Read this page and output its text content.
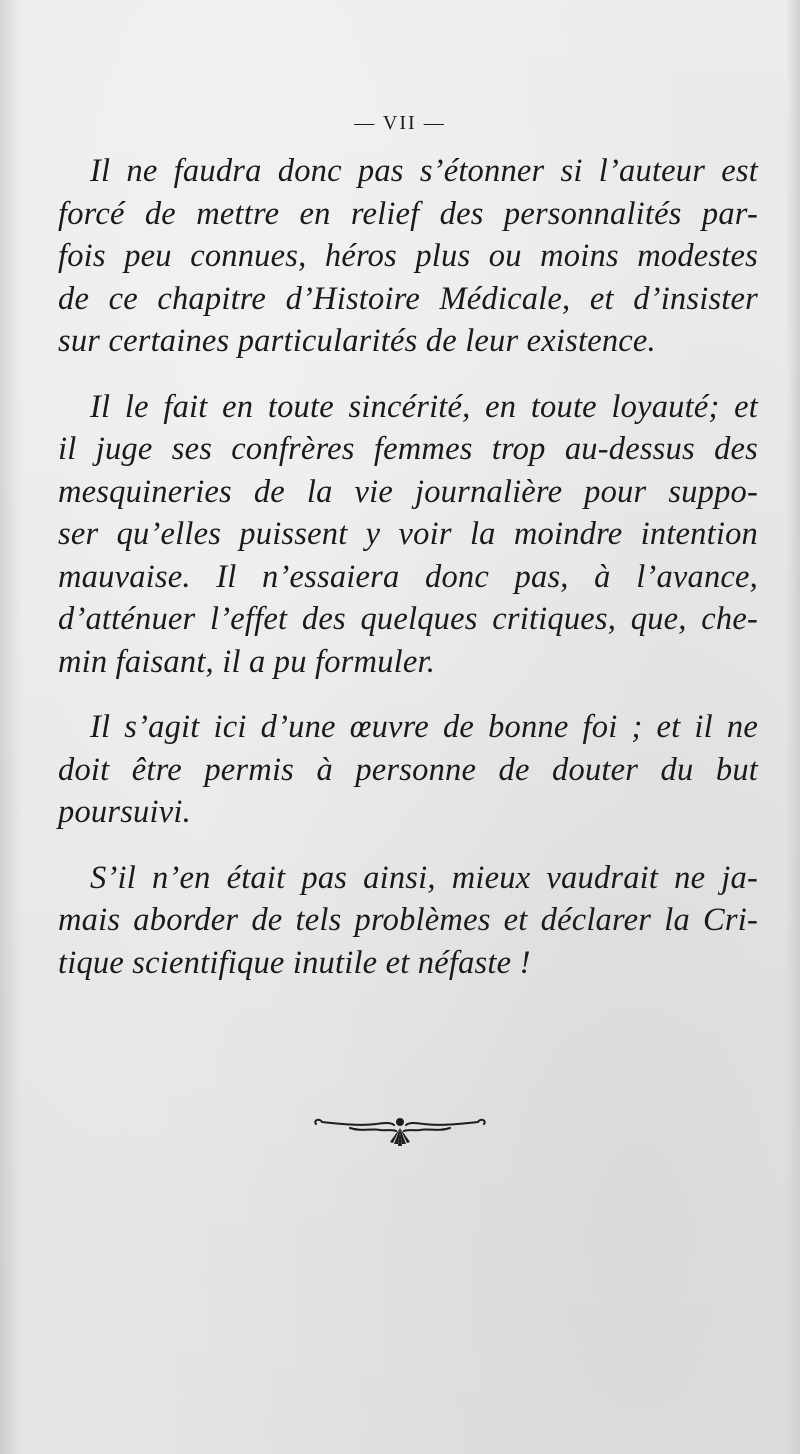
— VII —
Il ne faudra donc pas s’étonner si l’auteur est
forcé de mettre en relief des personnalités par-
fois peu connues, héros plus ou moins modestes
de ce chapitre d’Histoire Médicale, et d’insister
sur certaines particularités de leur existence.
Il le fait en toute sincérité, en toute loyauté; et
il juge ses confrères femmes trop au-dessus des
mesquineries de la vie journalière pour suppo-
ser qu’elles puissent y voir la moindre intention
mauvaise. Il n’essaiera donc pas, à l’avance,
d’atténuer l’effet des quelques critiques, que, che-
min faisant, il a pu formuler.
Il s’agit ici d’une œuvre de bonne foi ; et il ne
doit être permis à personne de douter du but
poursuivi.
S’il n’en était pas ainsi, mieux vaudrait ne ja-
mais aborder de tels problèmes et déclarer la Cri-
tique scientifique inutile et néfaste !
